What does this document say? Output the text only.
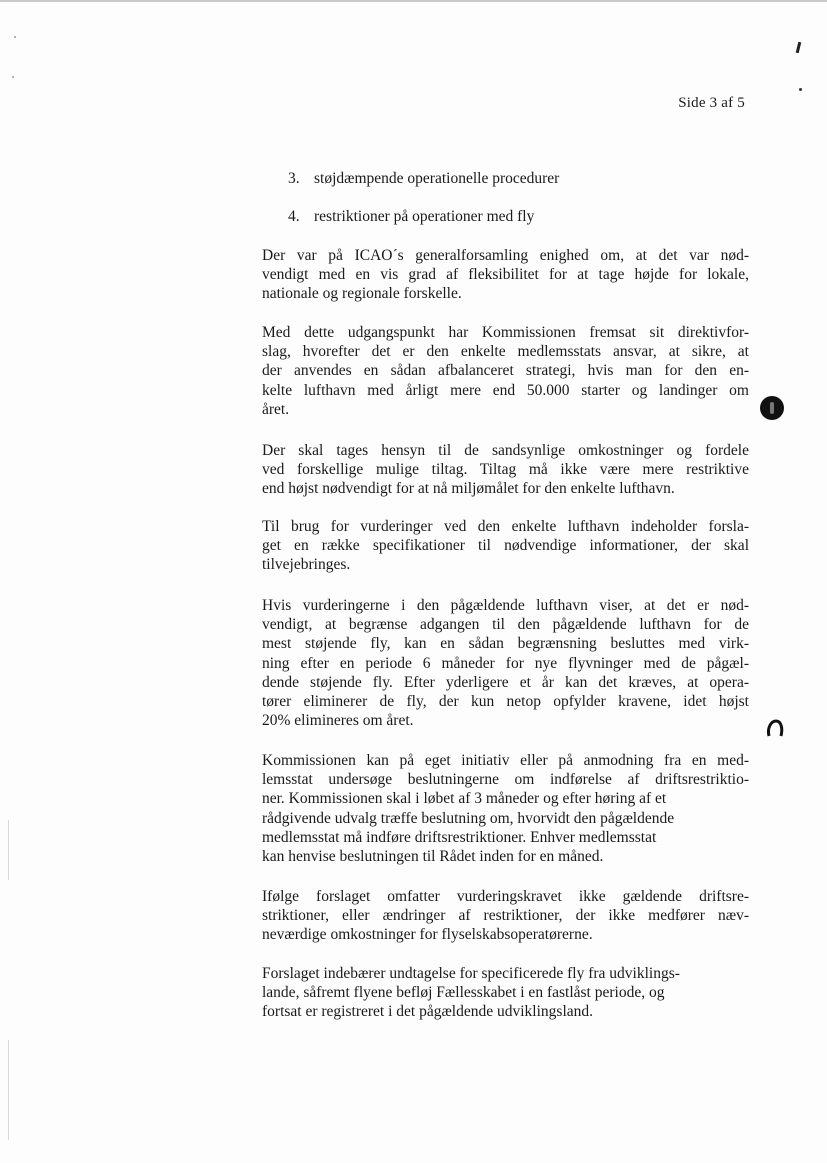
Side 3 af 5
3. støjdæmpende operationelle procedurer
4. restriktioner på operationer med fly

Der var på ICAO´s generalforsamling enighed om, at det var nød-
vendigt med en vis grad af fleksibilitet for at tage højde for lokale,
nationale og regionale forskelle.

Med dette udgangspunkt har Kommissionen fremsat sit direktivfor-
slag, hvorefter det er den enkelte medlemsstats ansvar, at sikre, at
der anvendes en sådan afbalanceret strategi, hvis man for den en-
kelte lufthavn med årligt mere end 50.000 starter og landinger om
året.

Der skal tages hensyn til de sandsynlige omkostninger og fordele
ved forskellige mulige tiltag. Tiltag må ikke være mere restriktive
end højst nødvendigt for at nå miljømålet for den enkelte lufthavn.

Til brug for vurderinger ved den enkelte lufthavn indeholder forsla-
get en række specifikationer til nødvendige informationer, der skal
tilvejebringes.

Hvis vurderingerne i den pågældende lufthavn viser, at det er nød-
vendigt, at begrænse adgangen til den pågældende lufthavn for de
mest støjende fly, kan en sådan begrænsning besluttes med virk-
ning efter en periode 6 måneder for nye flyvninger med de pågæl-
dende støjende fly. Efter yderligere et år kan det kræves, at opera-
tører eliminerer de fly, der kun netop opfylder kravene, idet højst
20% elimineres om året.

Kommissionen kan på eget initiativ eller på anmodning fra en med-
lemsstat undersøge beslutningerne om indførelse af driftsrestriktio-
ner. Kommissionen skal i løbet af 3 måneder og efter høring af et
rådgivende udvalg træffe beslutning om, hvorvidt den pågældende
medlemsstat må indføre driftsrestriktioner. Enhver medlemsstat
kan henvise beslutningen til Rådet inden for en måned.

Ifølge forslaget omfatter vurderingskravet ikke gældende driftsre-
striktioner, eller ændringer af restriktioner, der ikke medfører næv-
neværdige omkostninger for flyselskabsoperatørerne.

Forslaget indebærer undtagelse for specificerede fly fra udviklings-
lande, såfremt flyene befløj Fællesskabet i en fastlåst periode, og
fortsat er registreret i det pågældende udviklingsland.
